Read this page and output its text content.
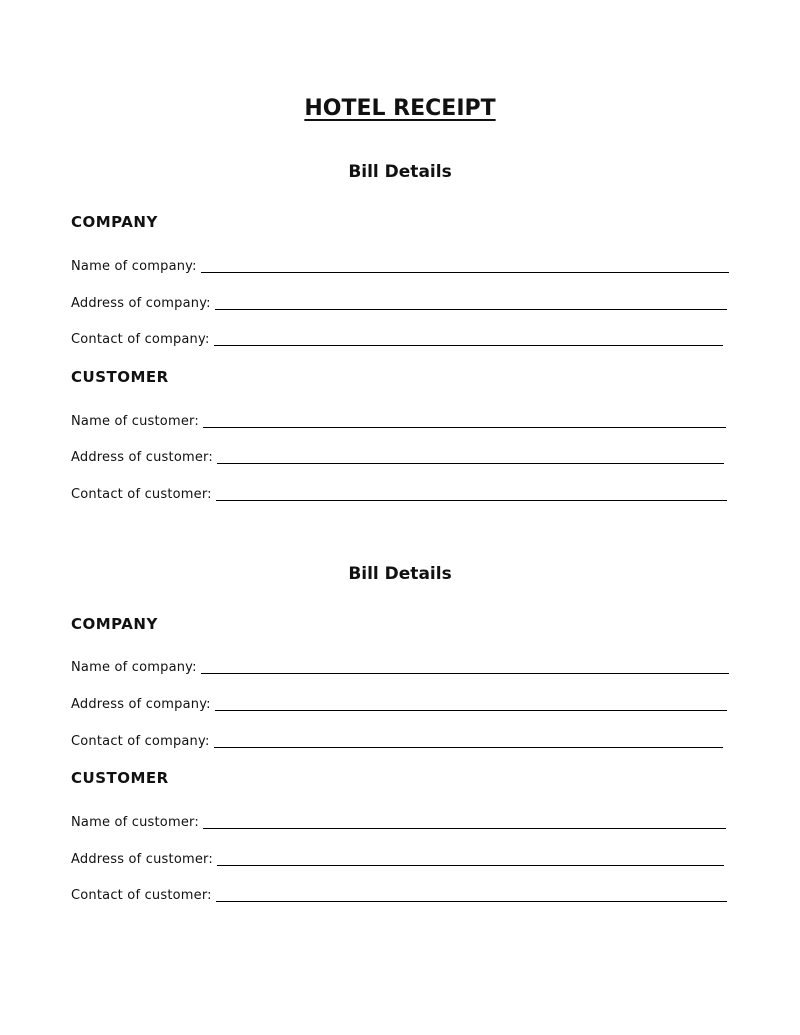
HOTEL RECEIPT
Bill Details
COMPANY
Name of company:
Address of company:
Contact of company:
CUSTOMER
Name of customer:
Address of customer:
Contact of customer:
Bill Details
COMPANY
Name of company:
Address of company:
Contact of company:
CUSTOMER
Name of customer:
Address of customer:
Contact of customer:
